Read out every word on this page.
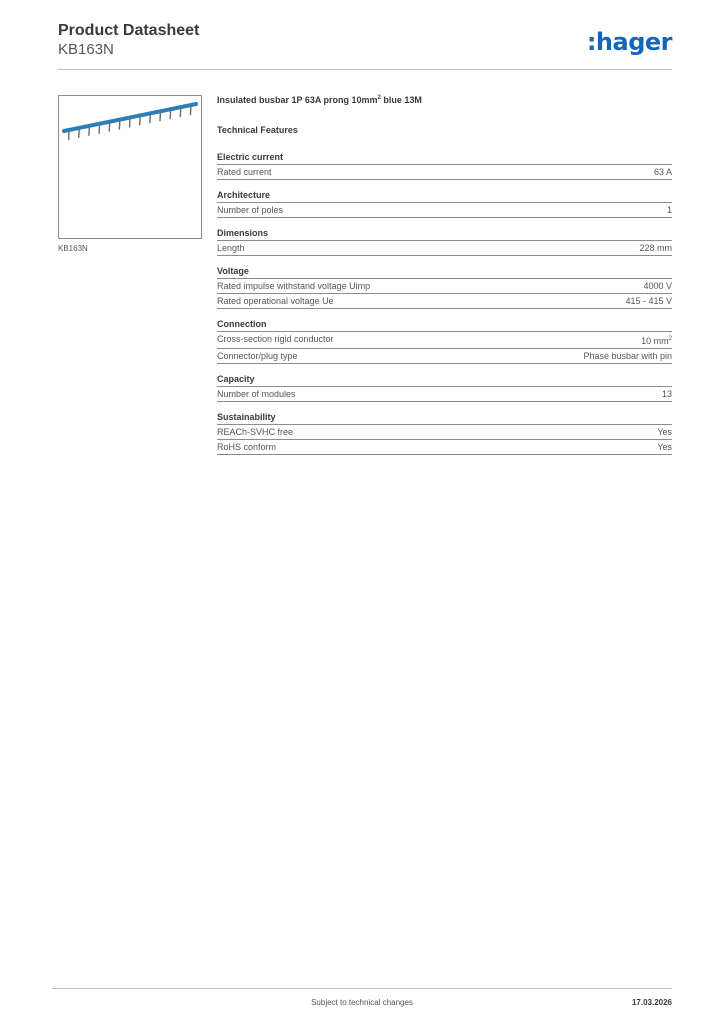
Product Datasheet
KB163N	:hager
KB163N
Insulated busbar 1P 63A prong $10mm^2$ blue 13M
Technical Features
Electric current
Rated current	63 A
Architecture
Number of poles	1
Dimensions
Length	228 mm
Voltage
Rated impulse withstand voltage Uimp	4000 V
Rated operational voltage Ue	415 - 415 V
Connection
Cross-section rigid conductor	10 $mm^2$
Connector/plug type	Phase busbar with pin
Capacity
Number of modules	13
Sustainability
REACh-SVHC free	Yes
RoHS conform	Yes
Subject to technical changes	17.03.2026
